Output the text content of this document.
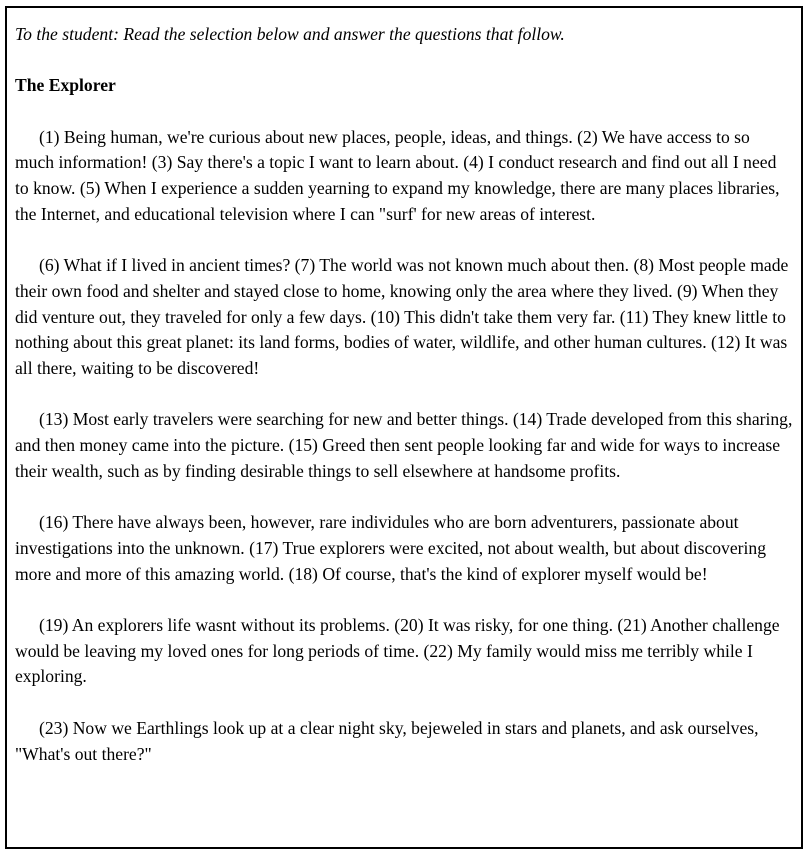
To the student: Read the selection below and answer the questions that follow.

The Explorer

(1) Being human, we're curious about new places, people, ideas, and things. (2) We have access to so much information! (3) Say there's a topic I want to learn about. (4) I conduct research and find out all I need to know. (5) When I experience a sudden yearning to expand my knowledge, there are many places libraries, the Internet, and educational television where I can "surf' for new areas of interest.

(6) What if I lived in ancient times? (7) The world was not known much about then. (8) Most people made their own food and shelter and stayed close to home, knowing only the area where they lived. (9) When they did venture out, they traveled for only a few days. (10) This didn't take them very far. (11) They knew little to nothing about this great planet: its land forms, bodies of water, wildlife, and other human cultures. (12) It was all there, waiting to be discovered!

(13) Most early travelers were searching for new and better things. (14) Trade developed from this sharing, and then money came into the picture. (15) Greed then sent people looking far and wide for ways to increase their wealth, such as by finding desirable things to sell elsewhere at handsome profits.

(16) There have always been, however, rare individules who are born adventurers, passionate about investigations into the unknown. (17) True explorers were excited, not about wealth, but about discovering more and more of this amazing world. (18) Of course, that's the kind of explorer myself would be!

(19) An explorers life wasnt without its problems. (20) It was risky, for one thing. (21) Another challenge would be leaving my loved ones for long periods of time. (22) My family would miss me terribly while I exploring.

(23) Now we Earthlings look up at a clear night sky, bejeweled in stars and planets, and ask ourselves, "What's out there?"
